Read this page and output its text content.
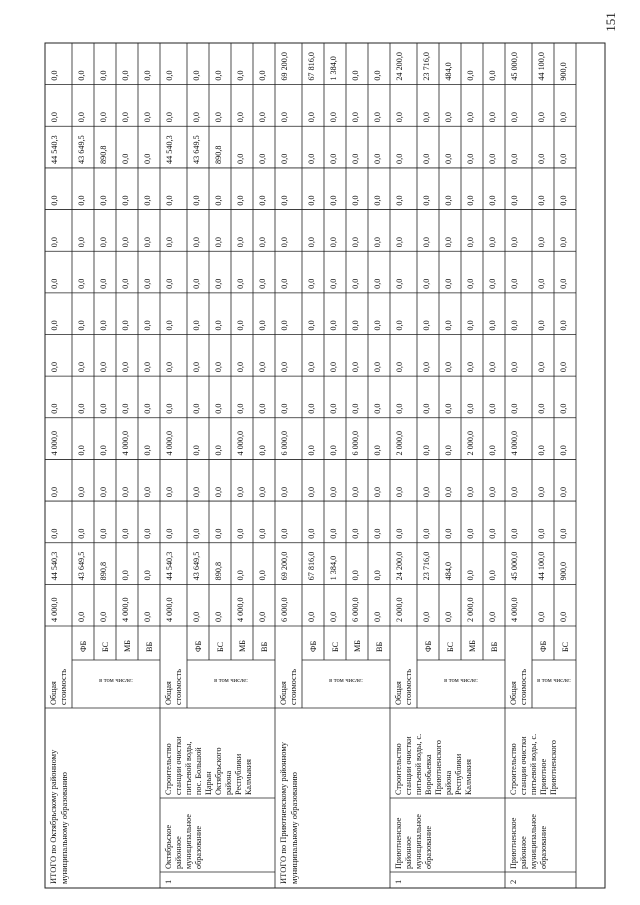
151
ИТОГО по Октябрьскому районному муниципальному образованию
Общая стоимость
4 000,0
44 540,3
0,0
0,0
4 000,0
0,0
0,0
0,0
0,0
0,0
0,0
44 540,3
0,0
0,0
ФБ
0,0
43 649,5
0,0
0,0
0,0
0,0
0,0
0,0
0,0
0,0
0,0
43 649,5
0,0
0,0
БС
0,0
890,8
0,0
0,0
0,0
0,0
0,0
0,0
0,0
0,0
0,0
890,8
0,0
0,0
МБ
4 000,0
0,0
0,0
0,0
4 000,0
0,0
0,0
0,0
0,0
0,0
0,0
0,0
0,0
0,0
ВБ
0,0
0,0
0,0
0,0
0,0
0,0
0,0
0,0
0,0
0,0
0,0
0,0
0,0
0,0
в том числе:
1
Октябрьское районное муниципальное образование
Строительство станции очистки питьевой воды, пос. Большой Царын Октябрьского района Республики Калмыкия
Общая стоимость
4 000,0
44 540,3
0,0
0,0
4 000,0
0,0
0,0
0,0
0,0
0,0
0,0
44 540,3
0,0
0,0
ФБ
0,0
43 649,5
0,0
0,0
0,0
0,0
0,0
0,0
0,0
0,0
0,0
43 649,5
0,0
0,0
БС
0,0
890,8
0,0
0,0
0,0
0,0
0,0
0,0
0,0
0,0
0,0
890,8
0,0
0,0
МБ
4 000,0
0,0
0,0
0,0
4 000,0
0,0
0,0
0,0
0,0
0,0
0,0
0,0
0,0
0,0
ВБ
0,0
0,0
0,0
0,0
0,0
0,0
0,0
0,0
0,0
0,0
0,0
0,0
0,0
0,0
в том числе:
ИТОГО по Приютненскому районному муниципальному образованию
Общая стоимость
6 000,0
69 200,0
0,0
0,0
6 000,0
0,0
0,0
0,0
0,0
0,0
0,0
0,0
0,0
69 200,0
ФБ
0,0
67 816,0
0,0
0,0
0,0
0,0
0,0
0,0
0,0
0,0
0,0
0,0
0,0
67 816,0
БС
0,0
1 384,0
0,0
0,0
0,0
0,0
0,0
0,0
0,0
0,0
0,0
0,0
0,0
1 384,0
МБ
6 000,0
0,0
0,0
0,0
6 000,0
0,0
0,0
0,0
0,0
0,0
0,0
0,0
0,0
0,0
ВБ
0,0
0,0
0,0
0,0
0,0
0,0
0,0
0,0
0,0
0,0
0,0
0,0
0,0
0,0
в том числе:
1
Приютненское районное муниципальное образование
Строительство станции очистки питьевой воды, с. Воробьевка Приютненского района Республики Калмыкия
Общая стоимость
2 000,0
24 200,0
0,0
0,0
2 000,0
0,0
0,0
0,0
0,0
0,0
0,0
0,0
0,0
24 200,0
ФБ
0,0
23 716,0
0,0
0,0
0,0
0,0
0,0
0,0
0,0
0,0
0,0
0,0
0,0
23 716,0
БС
0,0
484,0
0,0
0,0
0,0
0,0
0,0
0,0
0,0
0,0
0,0
0,0
0,0
484,0
МБ
2 000,0
0,0
0,0
0,0
2 000,0
0,0
0,0
0,0
0,0
0,0
0,0
0,0
0,0
0,0
ВБ
0,0
0,0
0,0
0,0
0,0
0,0
0,0
0,0
0,0
0,0
0,0
0,0
0,0
0,0
в том числе:
2
Приютненское районное муниципальное образование
Строительство станции очистки питьевой воды, с. Приютное Приютненского
Общая стоимость
4 000,0
45 000,0
0,0
0,0
4 000,0
0,0
0,0
0,0
0,0
0,0
0,0
0,0
0,0
45 000,0
ФБ
0,0
44 100,0
0,0
0,0
0,0
0,0
0,0
0,0
0,0
0,0
0,0
0,0
0,0
44 100,0
БС
0,0
900,0
0,0
0,0
0,0
0,0
0,0
0,0
0,0
0,0
0,0
0,0
0,0
900,0
в том числе:
